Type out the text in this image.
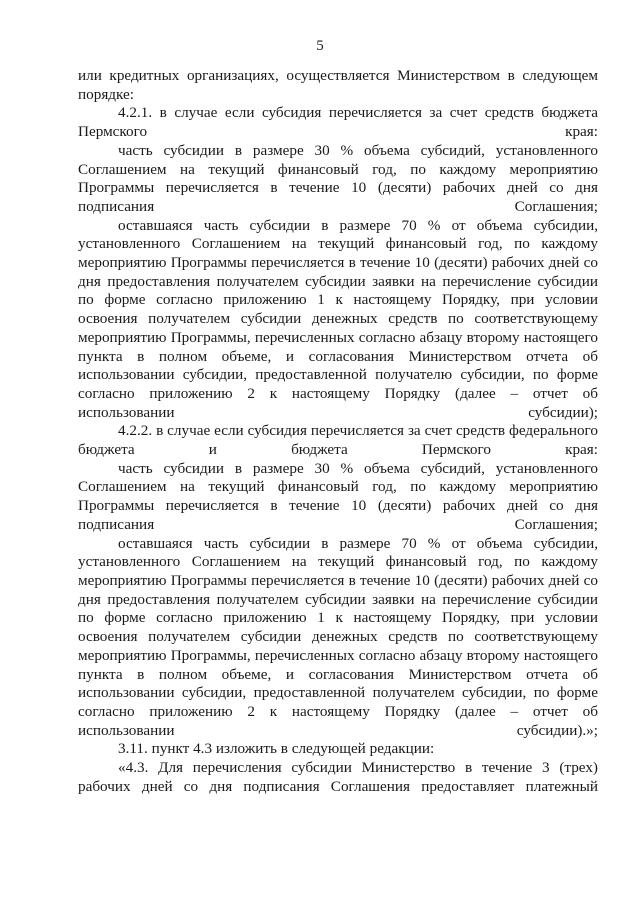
5

или кредитных организациях, осуществляется Министерством в следующем порядке:

4.2.1. в случае если субсидия перечисляется за счет средств бюджета Пермского края:

часть субсидии в размере 30 % объема субсидий, установленного Соглашением на текущий финансовый год, по каждому мероприятию Программы перечисляется в течение 10 (десяти) рабочих дней со дня подписания Соглашения;

оставшаяся часть субсидии в размере 70 % от объема субсидии, установленного Соглашением на текущий финансовый год, по каждому мероприятию Программы перечисляется в течение 10 (десяти) рабочих дней со дня предоставления получателем субсидии заявки на перечисление субсидии по форме согласно приложению 1 к настоящему Порядку, при условии освоения получателем субсидии денежных средств по соответствующему мероприятию Программы, перечисленных согласно абзацу второму настоящего пункта в полном объеме, и согласования Министерством отчета об использовании субсидии, предоставленной получателю субсидии, по форме согласно приложению 2 к настоящему Порядку (далее – отчет об использовании субсидии);

4.2.2. в случае если субсидия перечисляется за счет средств федерального бюджета и бюджета Пермского края:

часть субсидии в размере 30 % объема субсидий, установленного Соглашением на текущий финансовый год, по каждому мероприятию Программы перечисляется в течение 10 (десяти) рабочих дней со дня подписания Соглашения;

оставшаяся часть субсидии в размере 70 % от объема субсидии, установленного Соглашением на текущий финансовый год, по каждому мероприятию Программы перечисляется в течение 10 (десяти) рабочих дней со дня предоставления получателем субсидии заявки на перечисление субсидии по форме согласно приложению 1 к настоящему Порядку, при условии освоения получателем субсидии денежных средств по соответствующему мероприятию Программы, перечисленных согласно абзацу второму настоящего пункта в полном объеме, и согласования Министерством отчета об использовании субсидии, предоставленной получателем субсидии, по форме согласно приложению 2 к настоящему Порядку (далее – отчет об использовании субсидии).»;

3.11. пункт 4.3 изложить в следующей редакции:

«4.3. Для перечисления субсидии Министерство в течение 3 (трех) рабочих дней со дня подписания Соглашения предоставляет платежный
